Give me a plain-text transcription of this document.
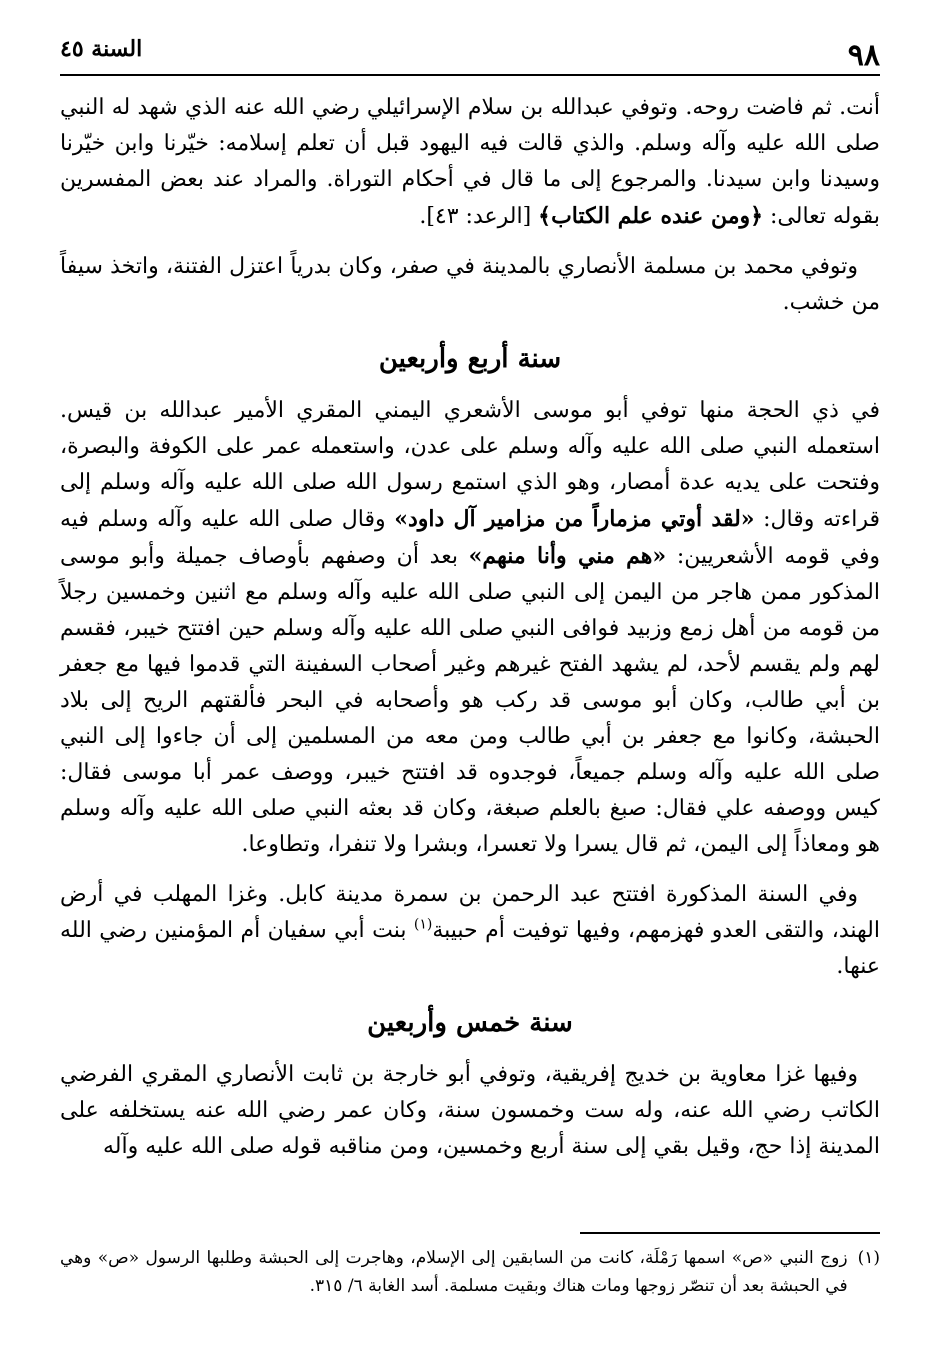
٩٨
السنة ٤٥

أنت. ثم فاضت روحه. وتوفي عبدالله بن سلام الإسرائيلي رضي الله عنه الذي شهد له النبي صلى الله عليه وآله وسلم. والذي قالت فيه اليهود قبل أن تعلم إسلامه: خيّرنا وابن خيّرنا وسيدنا وابن سيدنا. والمرجوع إلى ما قال في أحكام التوراة. والمراد عند بعض المفسرين بقوله تعالى: ﴿ومن عنده علم الكتاب﴾ [الرعد: ٤٣].

وتوفي محمد بن مسلمة الأنصاري بالمدينة في صفر، وكان بدرياً اعتزل الفتنة، واتخذ سيفاً من خشب.

سنة أربع وأربعين

في ذي الحجة منها توفي أبو موسى الأشعري اليمني المقري الأمير عبدالله بن قيس. استعمله النبي صلى الله عليه وآله وسلم على عدن، واستعمله عمر على الكوفة والبصرة، وفتحت على يديه عدة أمصار، وهو الذي استمع رسول الله صلى الله عليه وآله وسلم إلى قراءته وقال: «لقد أوتي مزماراً من مزامير آل داود» وقال صلى الله عليه وآله وسلم فيه وفي قومه الأشعريين: «هم مني وأنا منهم» بعد أن وصفهم بأوصاف جميلة وأبو موسى المذكور ممن هاجر من اليمن إلى النبي صلى الله عليه وآله وسلم مع اثنين وخمسين رجلاً من قومه من أهل زمع وزبيد فوافى النبي صلى الله عليه وآله وسلم حين افتتح خيبر، فقسم لهم ولم يقسم لأحد، لم يشهد الفتح غيرهم وغير أصحاب السفينة التي قدموا فيها مع جعفر بن أبي طالب، وكان أبو موسى قد ركب هو وأصحابه في البحر فألقتهم الريح إلى بلاد الحبشة، وكانوا مع جعفر بن أبي طالب ومن معه من المسلمين إلى أن جاءوا إلى النبي صلى الله عليه وآله وسلم جميعاً، فوجدوه قد افتتح خيبر، ووصف عمر أبا موسى فقال: كيس ووصفه علي فقال: صبغ بالعلم صبغة، وكان قد بعثه النبي صلى الله عليه وآله وسلم هو ومعاذاً إلى اليمن، ثم قال يسرا ولا تعسرا، وبشرا ولا تنفرا، وتطاوعا.

وفي السنة المذكورة افتتح عبد الرحمن بن سمرة مدينة كابل. وغزا المهلب في أرض الهند، والتقى العدو فهزمهم، وفيها توفيت أم حبيبة$^{(١)}$ بنت أبي سفيان أم المؤمنين رضي الله عنها.

سنة خمس وأربعين

وفيها غزا معاوية بن خديج إفريقية، وتوفي أبو خارجة بن ثابت الأنصاري المقري الفرضي الكاتب رضي الله عنه، وله ست وخمسون سنة، وكان عمر رضي الله عنه يستخلفه على المدينة إذا حج، وقيل بقي إلى سنة أربع وخمسين، ومن مناقبه قوله صلى الله عليه وآله

(١)
زوج النبي «ص» اسمها رَمْلَة، كانت من السابقين إلى الإسلام، وهاجرت إلى الحبشة وطلبها الرسول «ص» وهي في الحبشة بعد أن تنصّر زوجها ومات هناك وبقيت مسلمة. أسد الغابة ٦/ ٣١٥.
